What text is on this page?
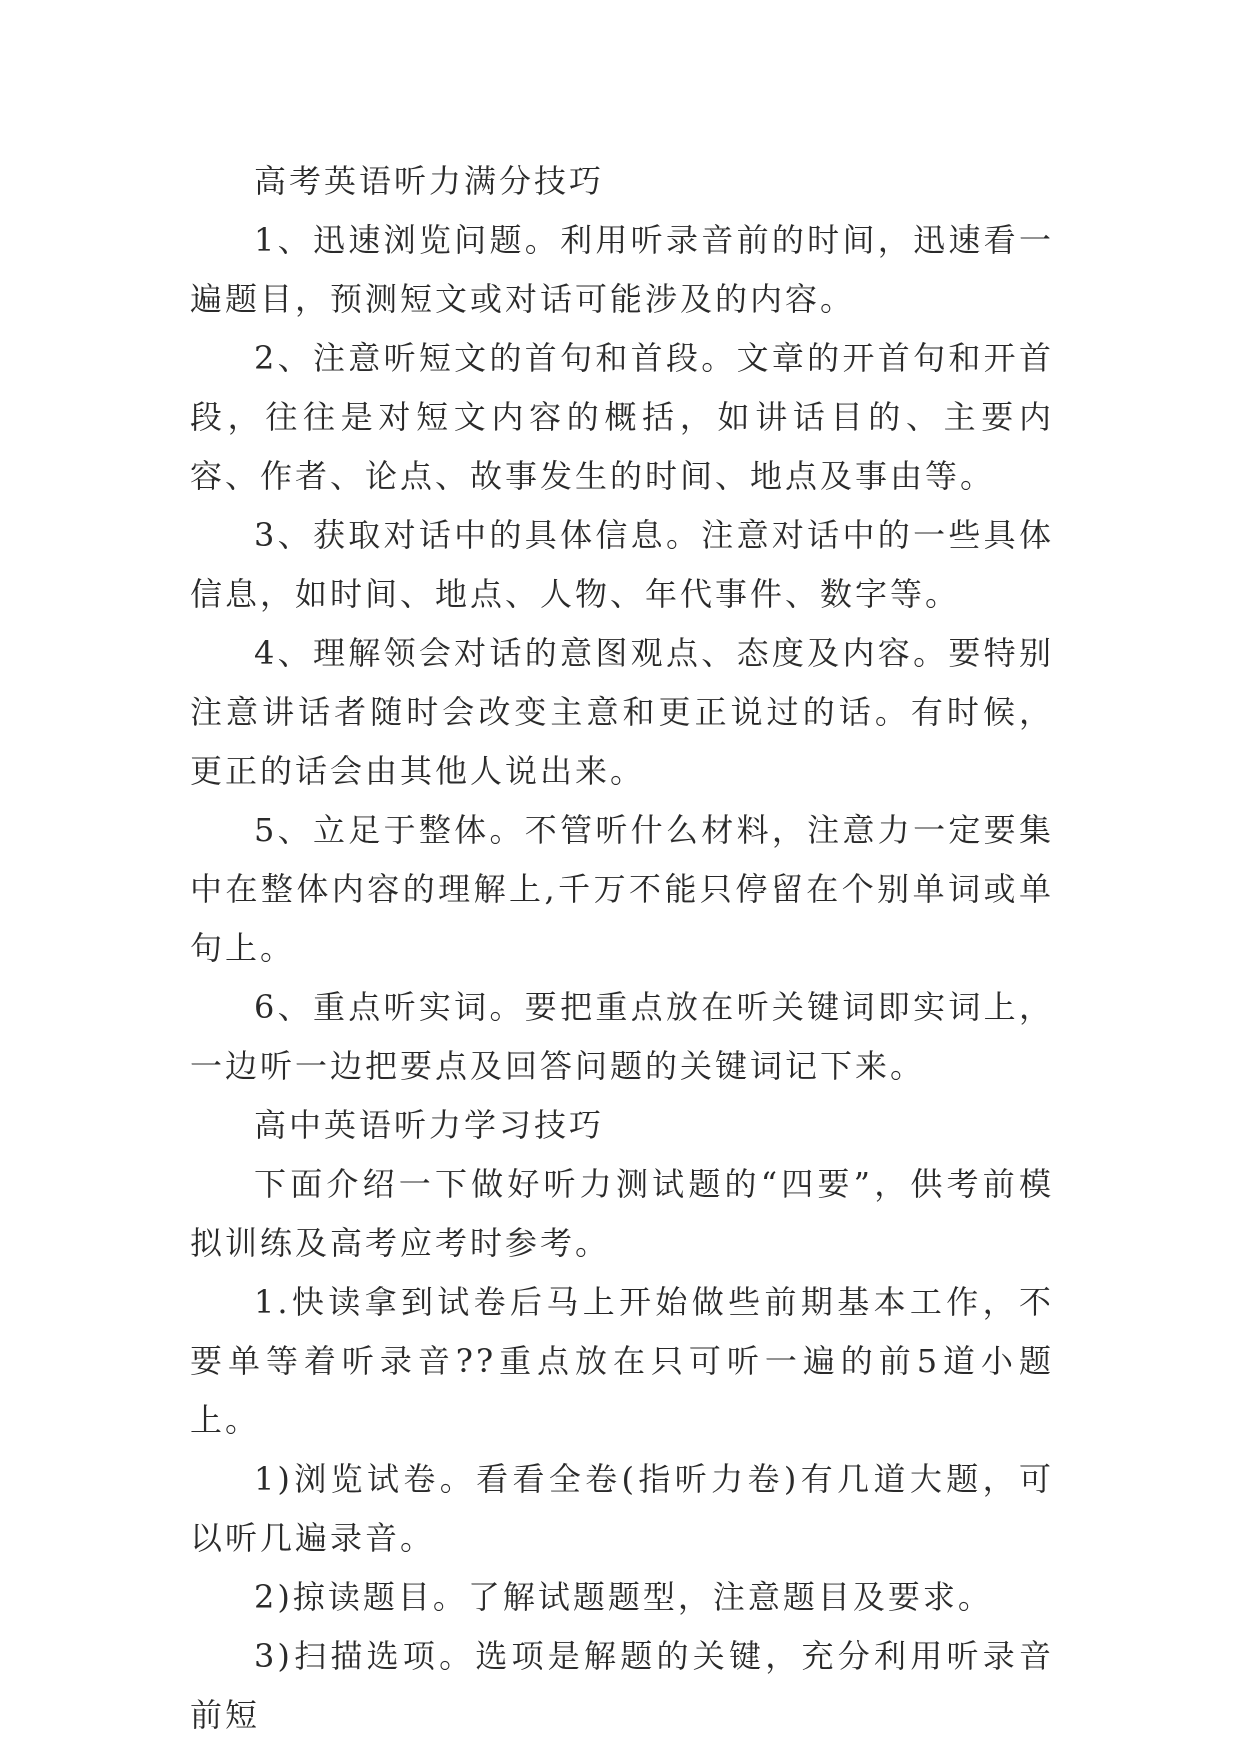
高考英语听力满分技巧

1、迅速浏览问题。利用听录音前的时间，迅速看一遍题目，预测短文或对话可能涉及的内容。

2、注意听短文的首句和首段。文章的开首句和开首段，往往是对短文内容的概括，如讲话目的、主要内容、作者、论点、故事发生的时间、地点及事由等。

3、获取对话中的具体信息。注意对话中的一些具体信息，如时间、地点、人物、年代事件、数字等。

4、理解领会对话的意图观点、态度及内容。要特别注意讲话者随时会改变主意和更正说过的话。有时候，更正的话会由其他人说出来。

5、立足于整体。不管听什么材料，注意力一定要集中在整体内容的理解上,千万不能只停留在个别单词或单句上。

6、重点听实词。要把重点放在听关键词即实词上，一边听一边把要点及回答问题的关键词记下来。

高中英语听力学习技巧

下面介绍一下做好听力测试题的“四要”，供考前模拟训练及高考应考时参考。

1.快读拿到试卷后马上开始做些前期基本工作，不要单等着听录音??重点放在只可听一遍的前5道小题上。

1)浏览试卷。看看全卷(指听力卷)有几道大题，可以听几遍录音。

2)掠读题目。了解试题题型，注意题目及要求。

3)扫描选项。选项是解题的关键，充分利用听录音前短
